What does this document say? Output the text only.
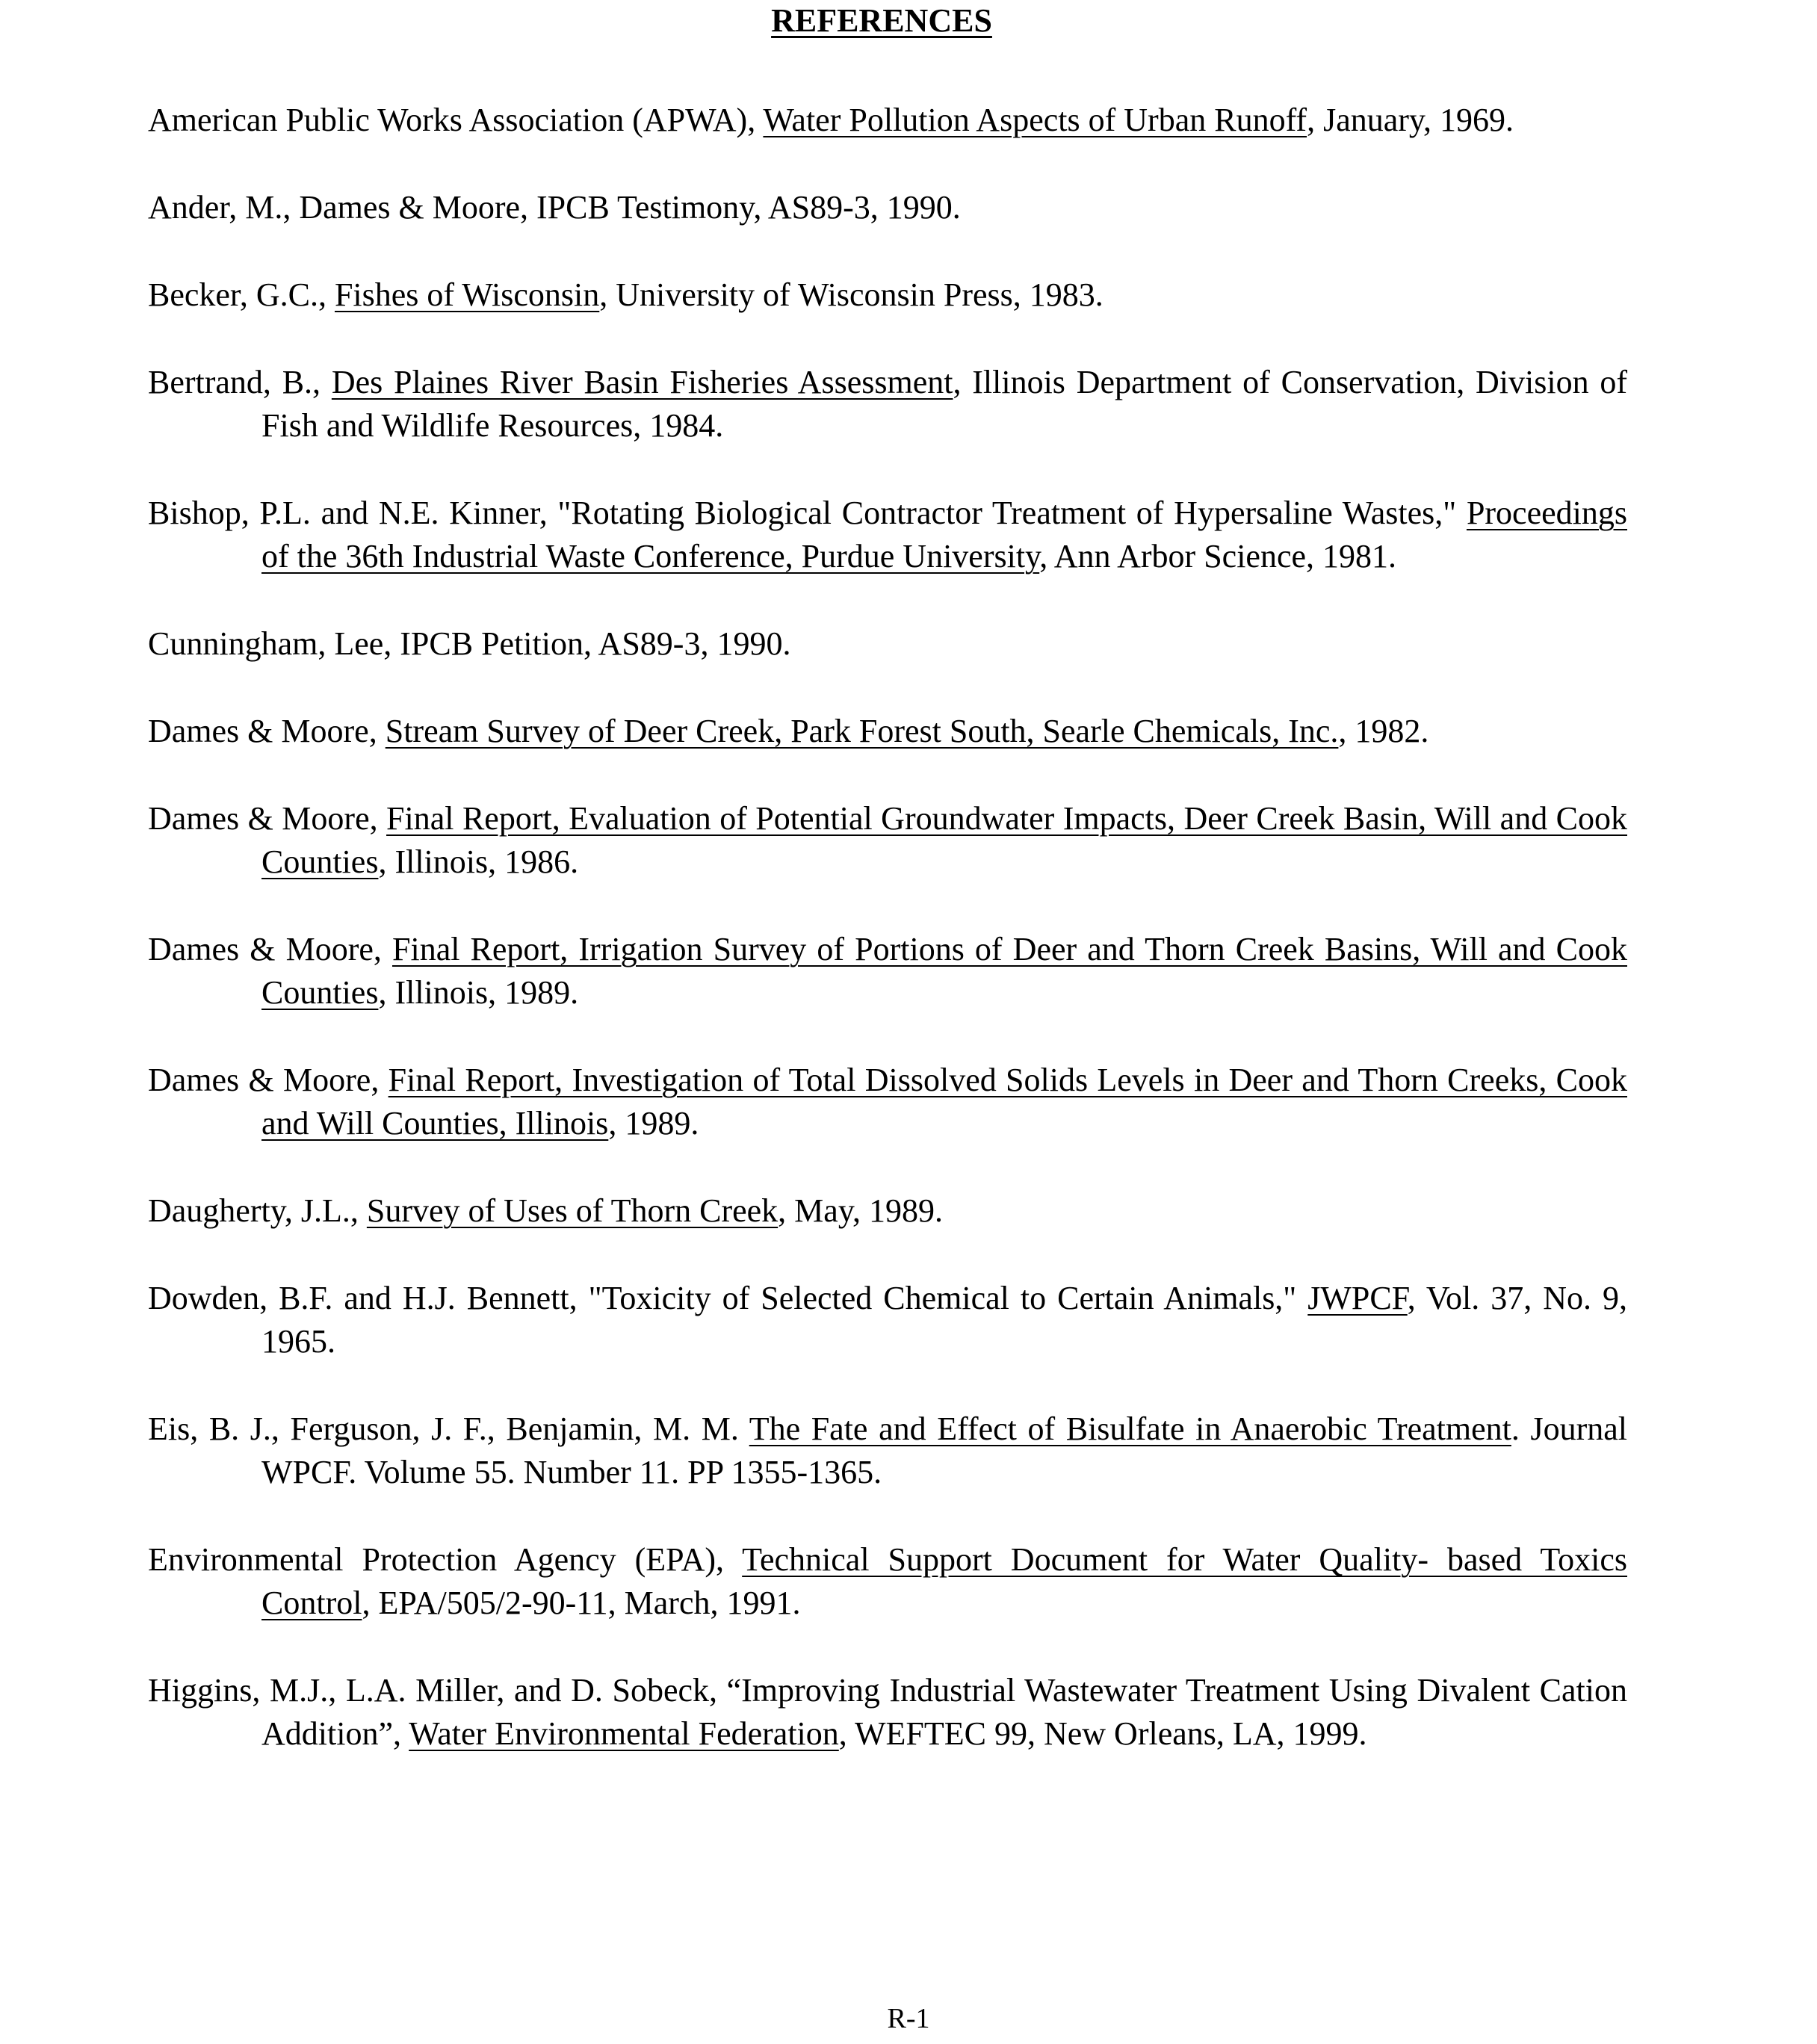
REFERENCES
American Public Works Association (APWA), Water Pollution Aspects of Urban Runoff, January, 1969.
Ander, M., Dames & Moore, IPCB Testimony, AS89-3, 1990.
Becker, G.C., Fishes of Wisconsin, University of Wisconsin Press, 1983.
Bertrand, B., Des Plaines River Basin Fisheries Assessment, Illinois Department of Conservation, Division of Fish and Wildlife Resources, 1984.
Bishop, P.L. and N.E. Kinner, "Rotating Biological Contractor Treatment of Hypersaline Wastes," Proceedings of the 36th Industrial Waste Conference, Purdue University, Ann Arbor Science, 1981.
Cunningham, Lee, IPCB Petition, AS89-3, 1990.
Dames & Moore, Stream Survey of Deer Creek, Park Forest South, Searle Chemicals, Inc., 1982.
Dames & Moore, Final Report, Evaluation of Potential Groundwater Impacts, Deer Creek Basin, Will and Cook Counties, Illinois, 1986.
Dames & Moore, Final Report, Irrigation Survey of Portions of Deer and Thorn Creek Basins, Will and Cook Counties, Illinois, 1989.
Dames & Moore, Final Report, Investigation of Total Dissolved Solids Levels in Deer and Thorn Creeks, Cook and Will Counties, Illinois, 1989.
Daugherty, J.L., Survey of Uses of Thorn Creek, May, 1989.
Dowden, B.F. and H.J. Bennett, "Toxicity of Selected Chemical to Certain Animals," JWPCF, Vol. 37, No. 9, 1965.
Eis, B. J., Ferguson, J. F., Benjamin, M. M. The Fate and Effect of Bisulfate in Anaerobic Treatment. Journal WPCF. Volume 55. Number 11. PP 1355-1365.
Environmental Protection Agency (EPA), Technical Support Document for Water Quality- based Toxics Control, EPA/505/2-90-11, March, 1991.
Higgins, M.J., L.A. Miller, and D. Sobeck, “Improving Industrial Wastewater Treatment Using Divalent Cation Addition”, Water Environmental Federation, WEFTEC 99, New Orleans, LA, 1999.
R-1
